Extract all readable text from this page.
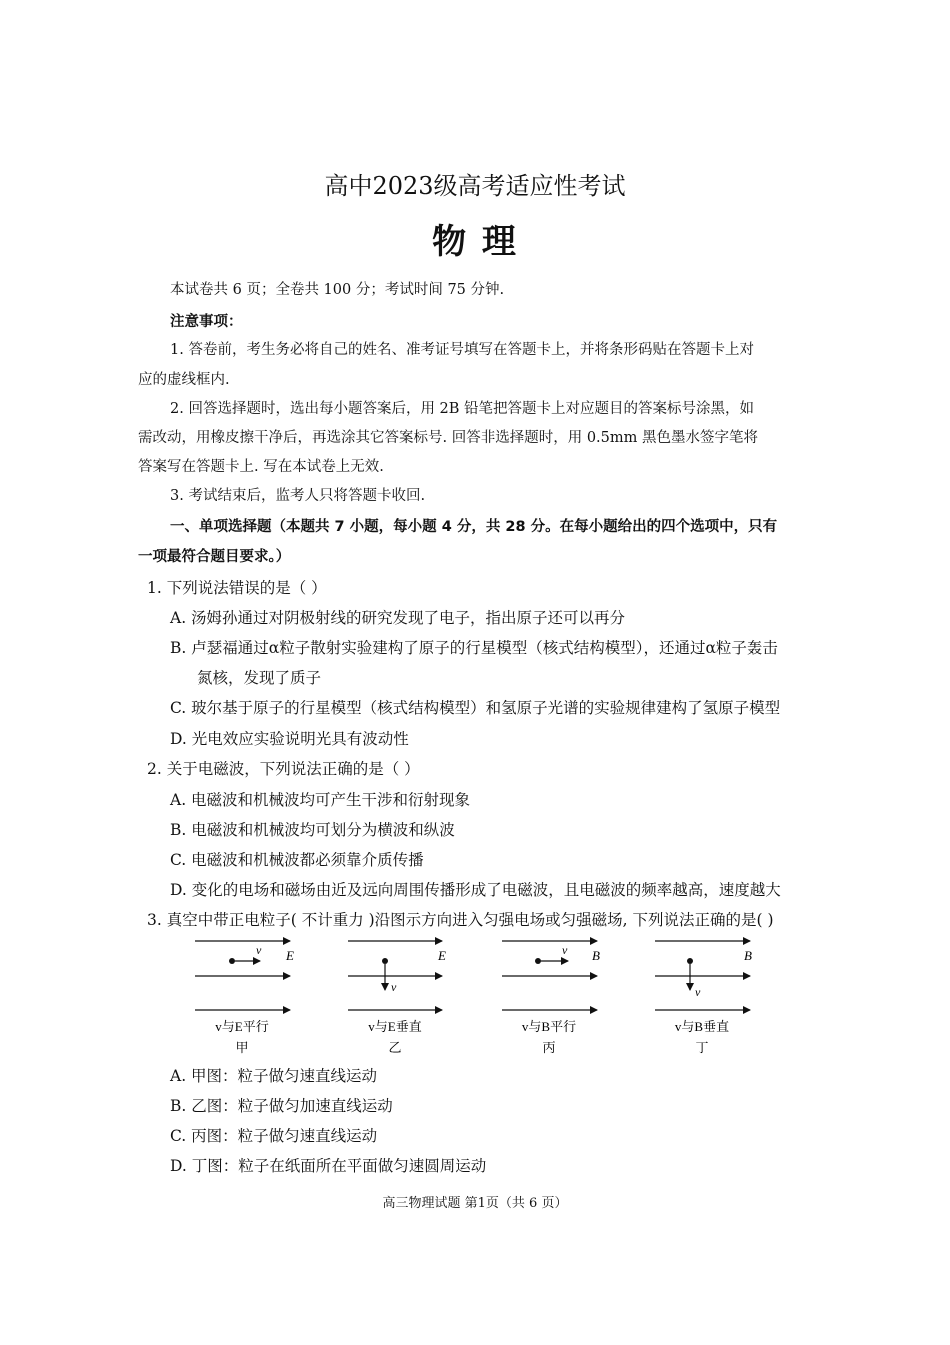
高中2023级高考适应性考试
物 理
本试卷共 6 页；全卷共 100 分；考试时间 75 分钟.
注意事项：
1. 答卷前，考生务必将自己的姓名、准考证号填写在答题卡上，并将条形码贴在答题卡上对
应的虚线框内.
2. 回答选择题时，选出每小题答案后，用 2B 铅笔把答题卡上对应题目的答案标号涂黑，如
需改动，用橡皮擦干净后，再选涂其它答案标号. 回答非选择题时，用 0.5mm 黑色墨水签字笔将
答案写在答题卡上. 写在本试卷上无效.
3. 考试结束后，监考人只将答题卡收回.
一、单项选择题（本题共 7 小题，每小题 4 分，共 28 分。在每小题给出的四个选项中，只有
一项最符合题目要求。）
1. 下列说法错误的是（ ）
A. 汤姆孙通过对阴极射线的研究发现了电子，指出原子还可以再分
B. 卢瑟福通过α粒子散射实验建构了原子的行星模型（核式结构模型），还通过α粒子轰击
氮核，发现了质子
C. 玻尔基于原子的行星模型（核式结构模型）和氢原子光谱的实验规律建构了氢原子模型
D. 光电效应实验说明光具有波动性
2. 关于电磁波，下列说法正确的是（ ）
A. 电磁波和机械波均可产生干涉和衍射现象
B. 电磁波和机械波均可划分为横波和纵波
C. 电磁波和机械波都必须靠介质传播
D. 变化的电场和磁场由近及远向周围传播形成了电磁波，且电磁波的频率越高，速度越大
3. 真空中带正电粒子( 不计重力 )沿图示方向进入匀强电场或匀强磁场, 下列说法正确的是( )
v E
v与E平行
甲
v
E
v与E垂直
乙
v B
v与B平行
丙
v
B
v与B垂直
丁
A. 甲图：粒子做匀速直线运动
B. 乙图：粒子做匀加速直线运动
C. 丙图：粒子做匀速直线运动
D. 丁图：粒子在纸面所在平面做匀速圆周运动
高三物理试题 第1页（共 6 页）
